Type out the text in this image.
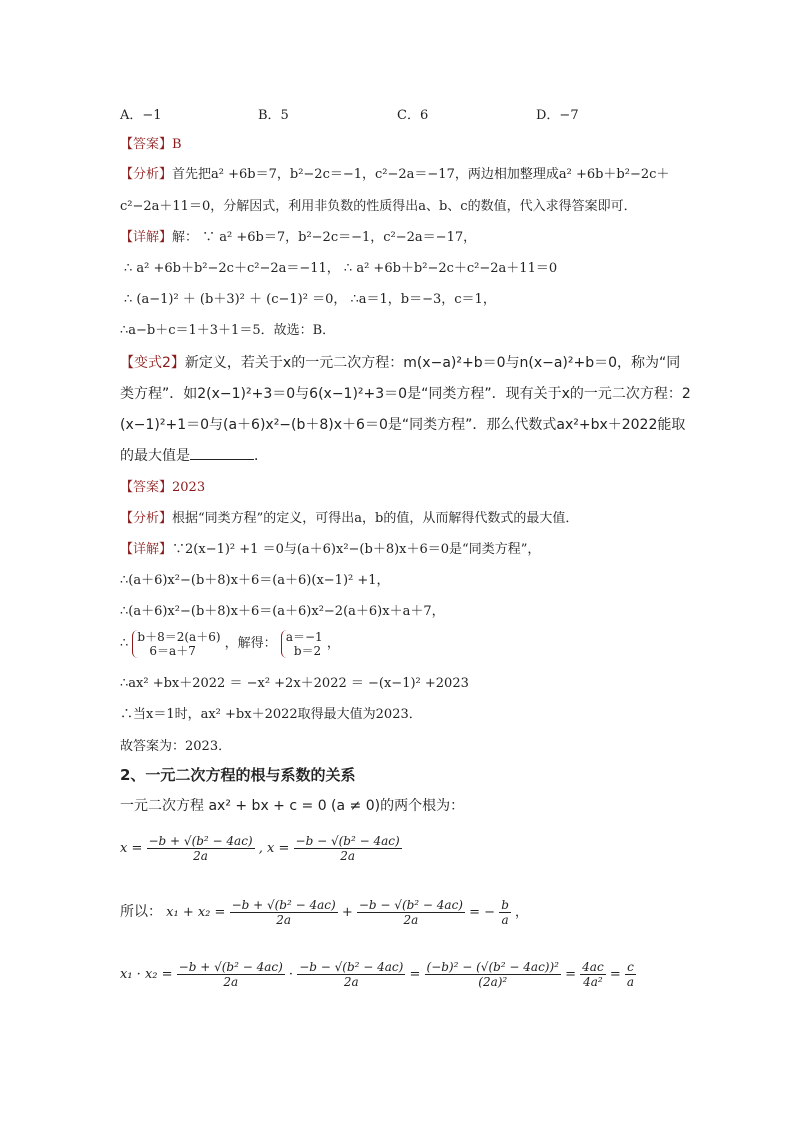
A．−1	B．5	C．6	D．−7
【答案】B
【分析】首先把a² +6b＝7，b²−2c＝−1，c²−2a＝−17，两边相加整理成a² +6b＋b²−2c＋
c²−2a＋11＝0，分解因式，利用非负数的性质得出a、b、c的数值，代入求得答案即可．
【详解】解： ∵ a² +6b＝7，b²−2c＝−1，c²−2a＝−17，
∴ a² +6b＋b²−2c＋c²−2a＝−11， ∴ a² +6b＋b²−2c＋c²−2a＋11＝0
∴ (a−1)² ＋ (b＋3)² ＋ (c−1)² ＝0， ∴a＝1，b＝−3，c＝1，
∴a−b＋c＝1＋3＋1＝5．故选：B．
【变式2】新定义，若关于x的一元二次方程：m(x−a)²+b＝0与n(x−a)²+b＝0，称为“同
类方程”．如2(x−1)²+3＝0与6(x−1)²+3＝0是“同类方程”．现有关于x的一元二次方程：2
(x−1)²+1＝0与(a＋6)x²−(b＋8)x＋6＝0是“同类方程”．那么代数式ax²+bx＋2022能取
的最大值是	．
【答案】2023
【分析】根据“同类方程”的定义，可得出a，b的值，从而解得代数式的最大值．
【详解】∵2(x−1)² +1 ＝0与(a＋6)x²−(b＋8)x＋6＝0是“同类方程”，
∴(a＋6)x²−(b＋8)x＋6＝(a＋6)(x−1)² +1，
∴(a＋6)x²−(b＋8)x＋6＝(a＋6)x²−2(a＋6)x＋a＋7，
∴ b＋8＝2(a＋6)
6＝a＋7	，解得： a＝−1
b＝2 ，
∴ax² +bx＋2022 ＝ −x² +2x＋2022 ＝ −(x−1)² +2023
∴当x＝1时，ax² +bx＋2022取得最大值为2023．
故答案为：2023．
2、一元二次方程的根与系数的关系
一元二次方程 ax² + bx + c = 0 (a ≠ 0)的两个根为：
$x = \frac{\text{−b + √(b² − 4ac)}}{2a}$ , $x = \frac{\text{−b − √(b² − 4ac)}}{2a}$
所以： $x_1 + x_2 = \frac{\text{−b + √(b² − 4ac)}}{2a} + \frac{\text{−b − √(b² − 4ac)}}{2a}$ = − $\frac{b}{a}$ ，
$x_1 \cdot x_2 = \frac{\text{−b + √(b² − 4ac)}}{2a} \cdot \frac{\text{−b − √(b² − 4ac)}}{2a} = \frac{\text{(−b)² − (√(b² − 4ac))²}}{\text{(2a)²}} = \frac{4ac}{\text{4a²}} = \frac{c}{a}$
